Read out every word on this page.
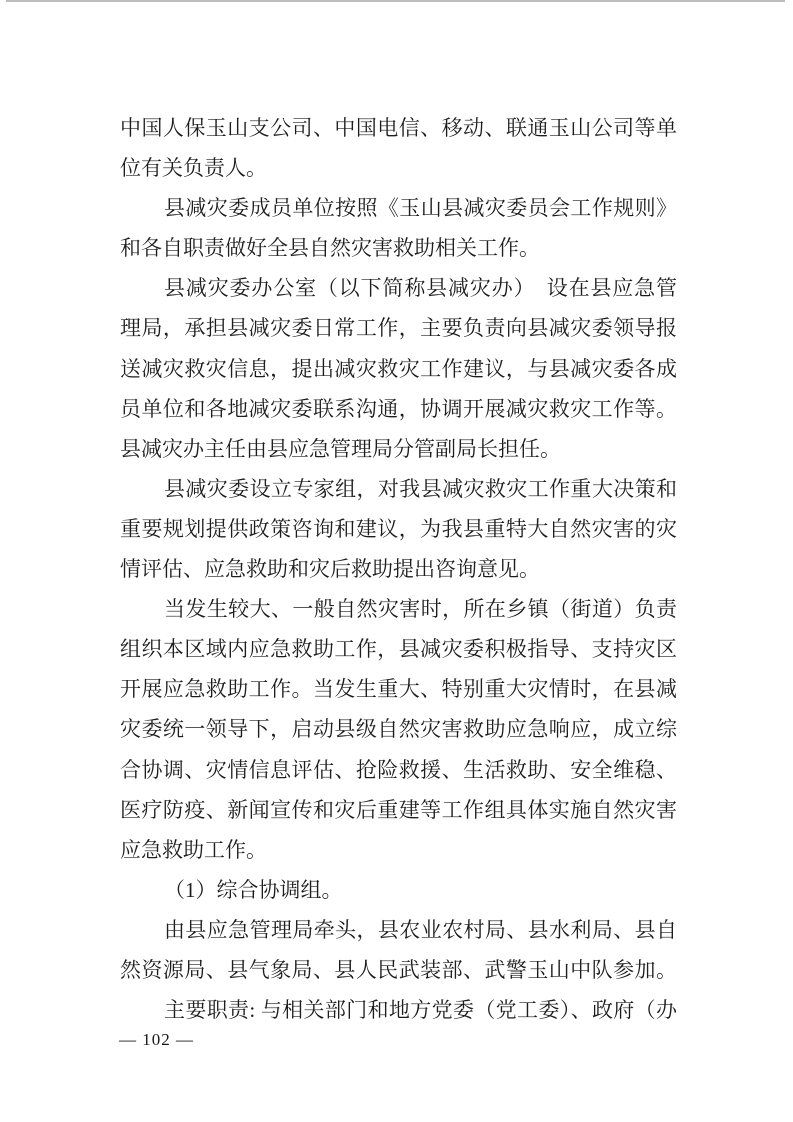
中国人保玉山支公司、中国电信、移动、联通玉山公司等单
位有关负责人。
县减灾委成员单位按照《玉山县减灾委员会工作规则》
和各自职责做好全县自然灾害救助相关工作。
县减灾委办公室（以下简称县减灾办）　设在县应急管
理局，承担县减灾委日常工作，主要负责向县减灾委领导报
送减灾救灾信息，提出减灾救灾工作建议，与县减灾委各成
员单位和各地减灾委联系沟通，协调开展减灾救灾工作等。
县减灾办主任由县应急管理局分管副局长担任。
县减灾委设立专家组，对我县减灾救灾工作重大决策和
重要规划提供政策咨询和建议，为我县重特大自然灾害的灾
情评估、应急救助和灾后救助提出咨询意见。
当发生较大、一般自然灾害时，所在乡镇（街道）负责
组织本区域内应急救助工作，县减灾委积极指导、支持灾区
开展应急救助工作。当发生重大、特别重大灾情时，在县减
灾委统一领导下，启动县级自然灾害救助应急响应，成立综
合协调、灾情信息评估、抢险救援、生活救助、安全维稳、
医疗防疫、新闻宣传和灾后重建等工作组具体实施自然灾害
应急救助工作。
（1）综合协调组。
由县应急管理局牵头，县农业农村局、县水利局、县自
然资源局、县气象局、县人民武装部、武警玉山中队参加。
主要职责: 与相关部门和地方党委（党工委）、政府（办
— 102 —
